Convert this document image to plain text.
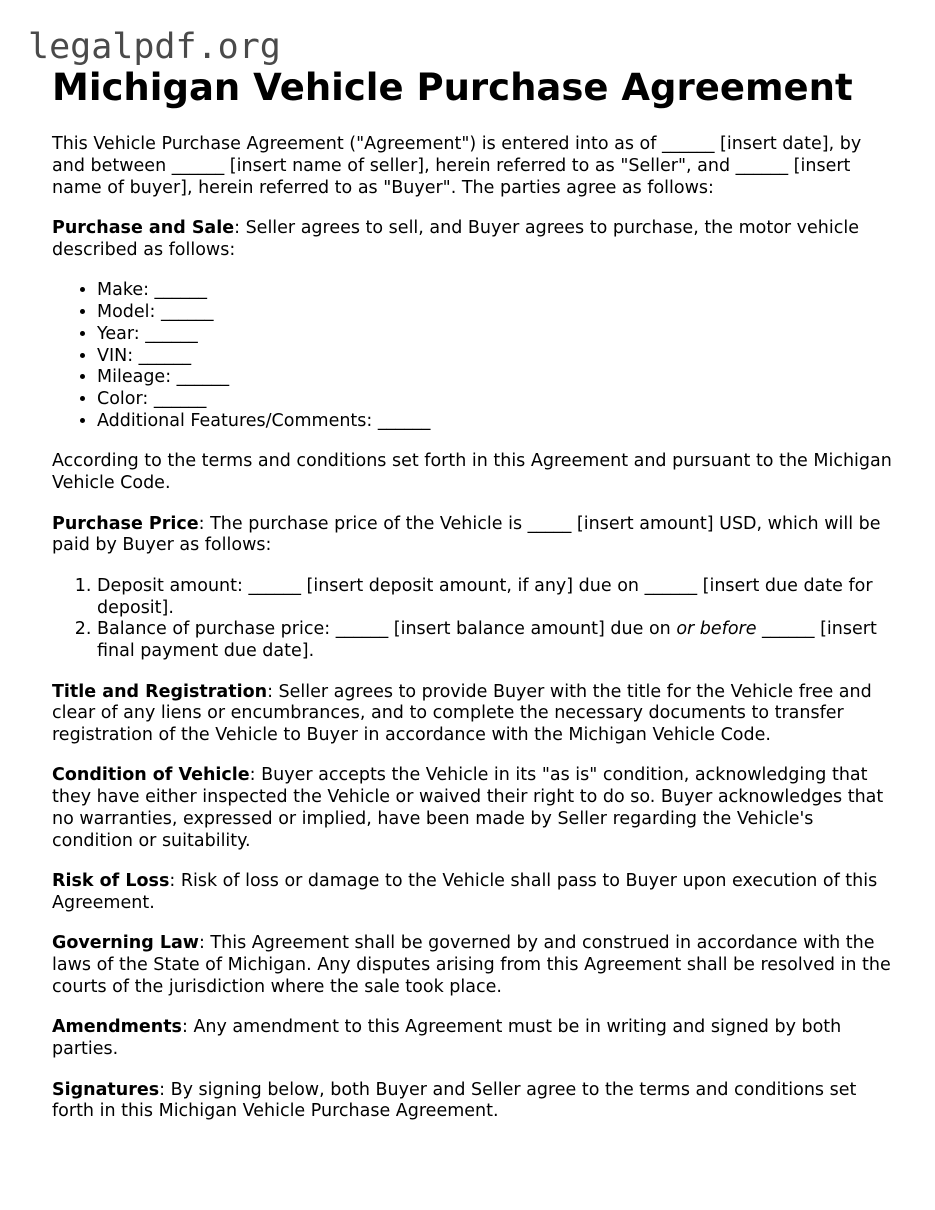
legalpdf.org
Michigan Vehicle Purchase Agreement

This Vehicle Purchase Agreement ("Agreement") is entered into as of ______ [insert date], by and between ______ [insert name of seller], herein referred to as "Seller", and ______ [insert name of buyer], herein referred to as "Buyer". The parties agree as follows:

Purchase and Sale: Seller agrees to sell, and Buyer agrees to purchase, the motor vehicle described as follows:

• Make: ______
• Model: ______
• Year: ______
• VIN: ______
• Mileage: ______
• Color: ______
• Additional Features/Comments: ______

According to the terms and conditions set forth in this Agreement and pursuant to the Michigan Vehicle Code.

Purchase Price: The purchase price of the Vehicle is _____ [insert amount] USD, which will be paid by Buyer as follows:

1. Deposit amount: ______ [insert deposit amount, if any] due on ______ [insert due date for deposit].
2. Balance of purchase price: ______ [insert balance amount] due on or before ______ [insert final payment due date].

Title and Registration: Seller agrees to provide Buyer with the title for the Vehicle free and clear of any liens or encumbrances, and to complete the necessary documents to transfer registration of the Vehicle to Buyer in accordance with the Michigan Vehicle Code.

Condition of Vehicle: Buyer accepts the Vehicle in its "as is" condition, acknowledging that they have either inspected the Vehicle or waived their right to do so. Buyer acknowledges that no warranties, expressed or implied, have been made by Seller regarding the Vehicle's condition or suitability.

Risk of Loss: Risk of loss or damage to the Vehicle shall pass to Buyer upon execution of this Agreement.

Governing Law: This Agreement shall be governed by and construed in accordance with the laws of the State of Michigan. Any disputes arising from this Agreement shall be resolved in the courts of the jurisdiction where the sale took place.

Amendments: Any amendment to this Agreement must be in writing and signed by both parties.

Signatures: By signing below, both Buyer and Seller agree to the terms and conditions set forth in this Michigan Vehicle Purchase Agreement.
